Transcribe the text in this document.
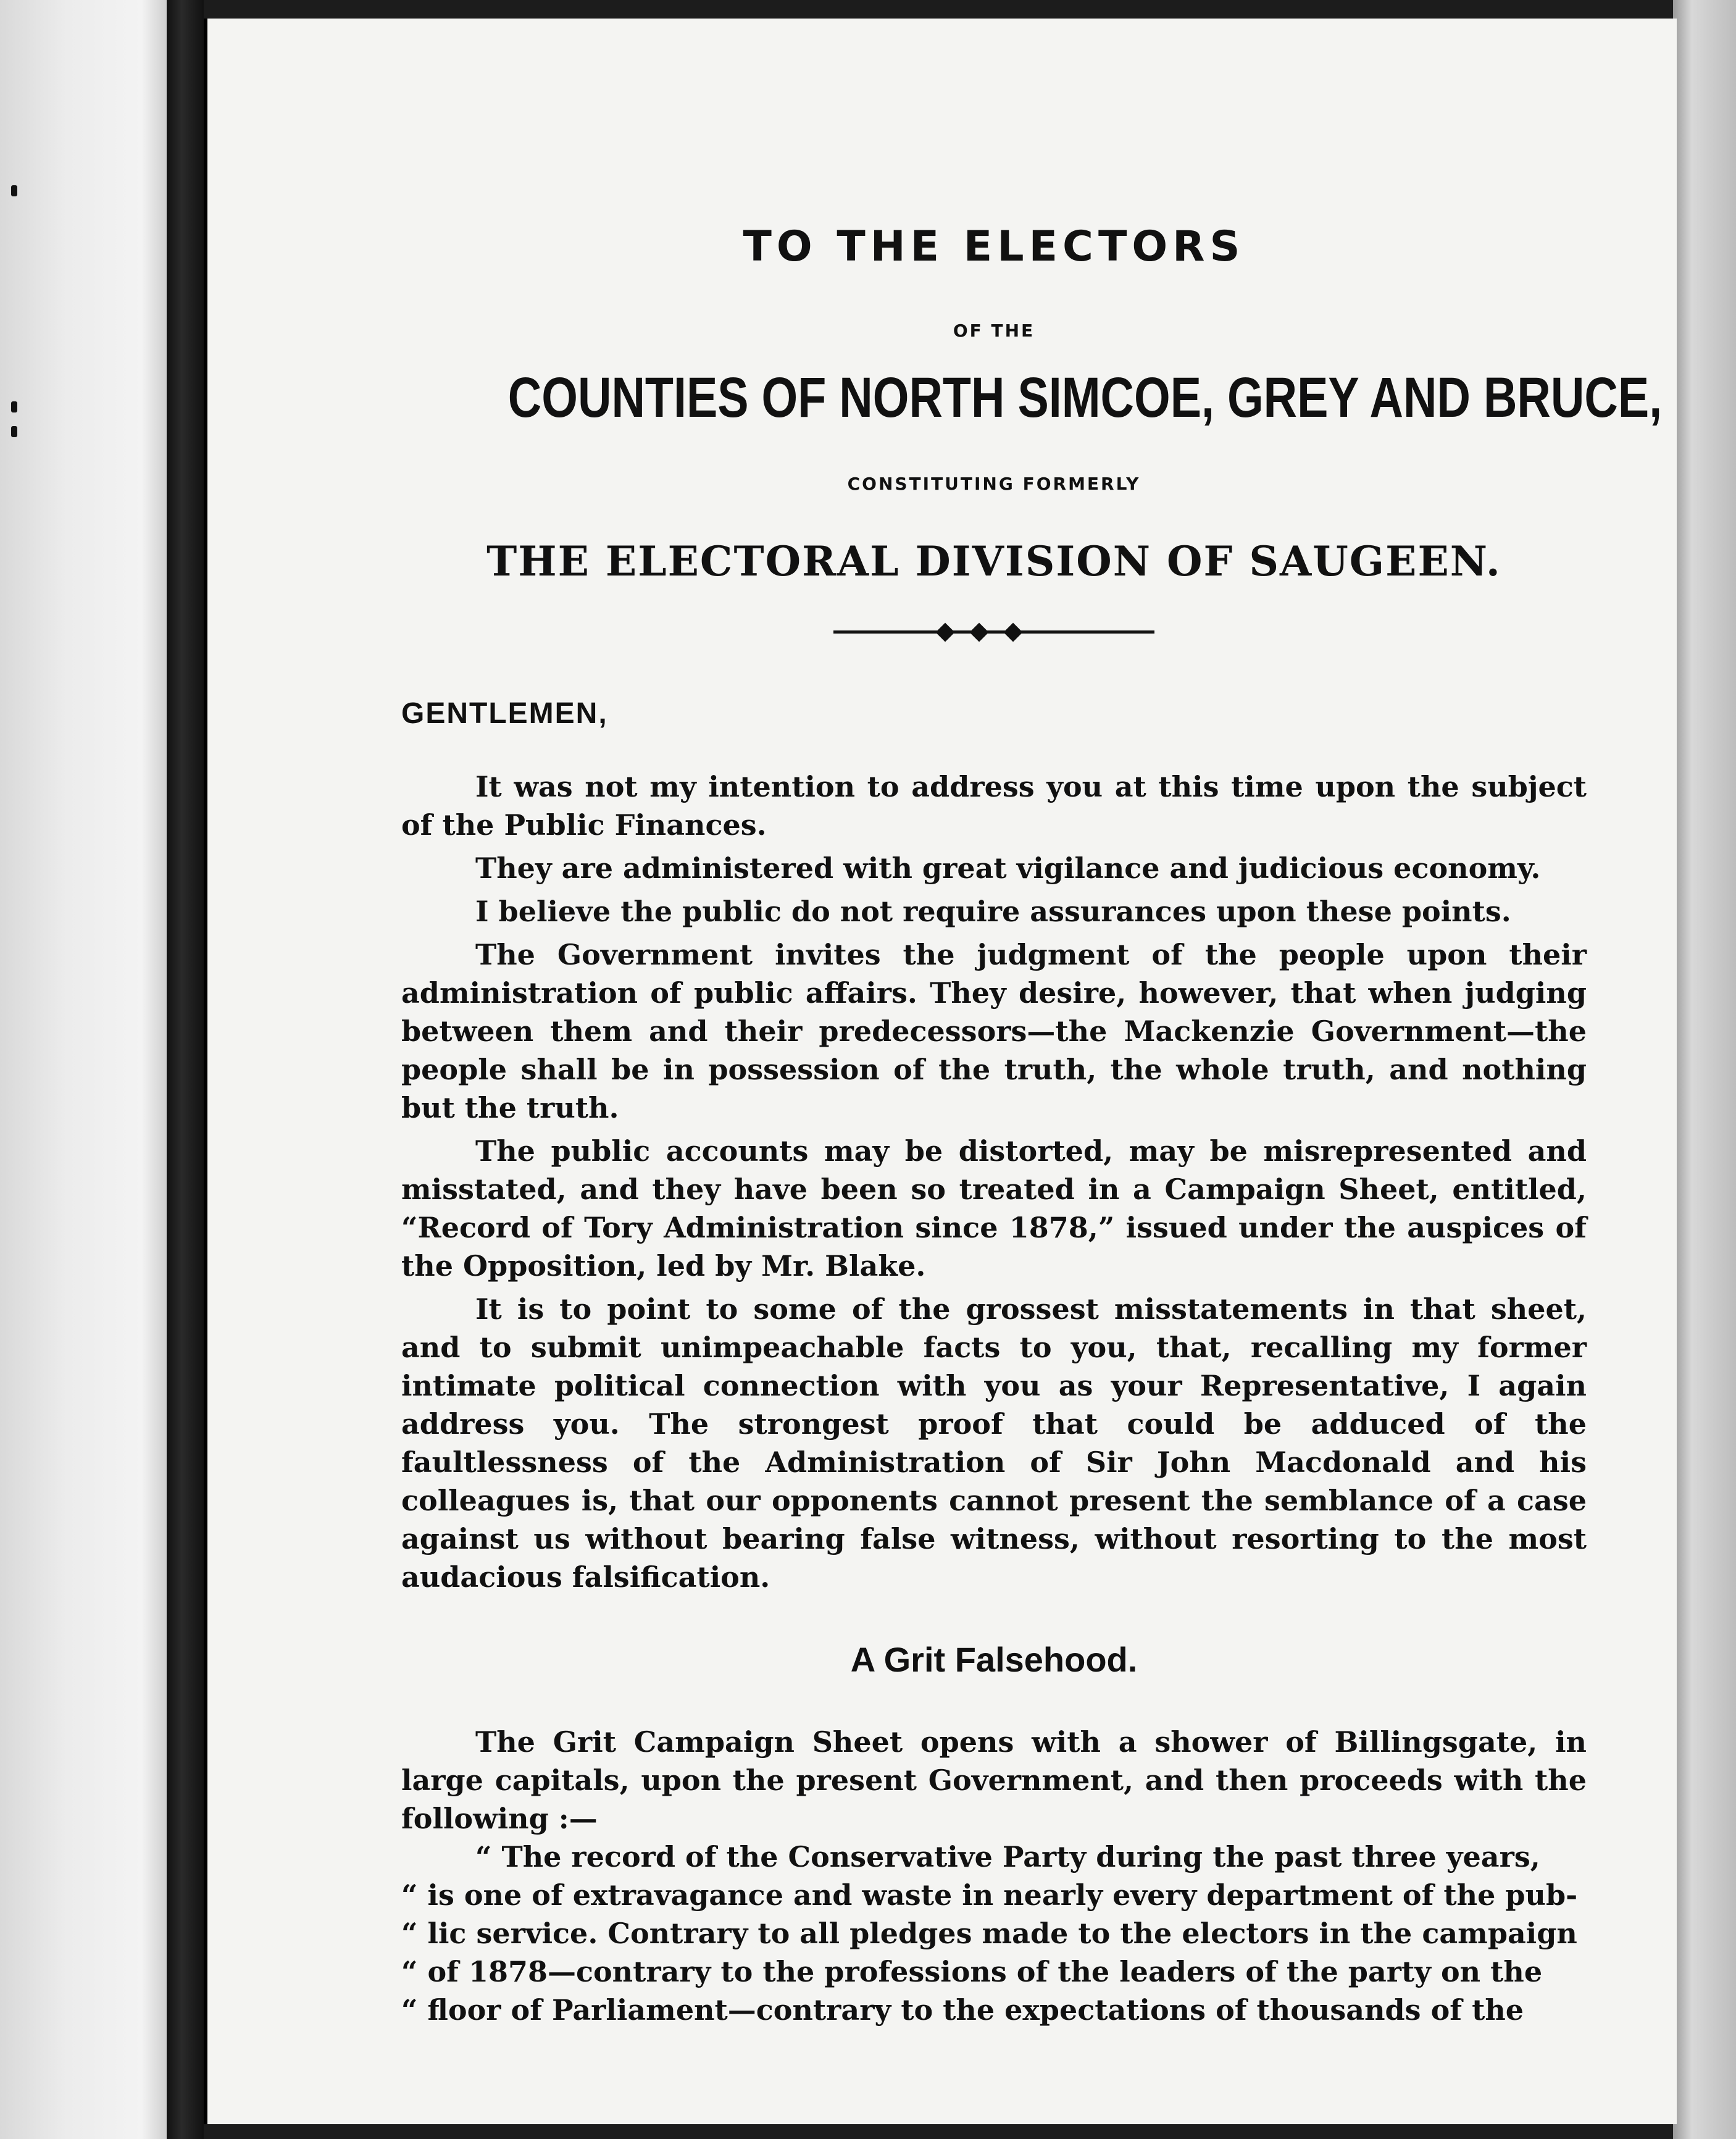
TO THE ELECTORS
OF THE
COUNTIES OF NORTH SIMCOE, GREY AND BRUCE,
CONSTITUTING FORMERLY
THE ELECTORAL DIVISION OF SAUGEEN.
GENTLEMEN,

It was not my intention to address you at this time upon the subject of the Public Finances.

They are administered with great vigilance and judicious economy.

I believe the public do not require assurances upon these points.

The Government invites the judgment of the people upon their administration of public affairs. They desire, however, that when judging between them and their predecessors—the Mackenzie Government—the people shall be in possession of the truth, the whole truth, and nothing but the truth.

The public accounts may be distorted, may be misrepresented and misstated, and they have been so treated in a Campaign Sheet, entitled, “Record of Tory Administration since 1878,” issued under the auspices of the Opposition, led by Mr. Blake.

It is to point to some of the grossest misstatements in that sheet, and to submit unimpeachable facts to you, that, recalling my former intimate political connection with you as your Representative, I again address you. The strongest proof that could be adduced of the faultlessness of the Administration of Sir John Macdonald and his colleagues is, that our opponents cannot present the semblance of a case against us without bearing false witness, without resorting to the most audacious falsification.

A Grit Falsehood.

The Grit Campaign Sheet opens with a shower of Billingsgate, in large capitals, upon the present Government, and then proceeds with the following :—

“ The record of the Conservative Party during the past three years,

“ is one of extravagance and waste in nearly every department of the pub-

“ lic service. Contrary to all pledges made to the electors in the campaign

“ of 1878—contrary to the professions of the leaders of the party on the

“ floor of Parliament—contrary to the expectations of thousands of the
